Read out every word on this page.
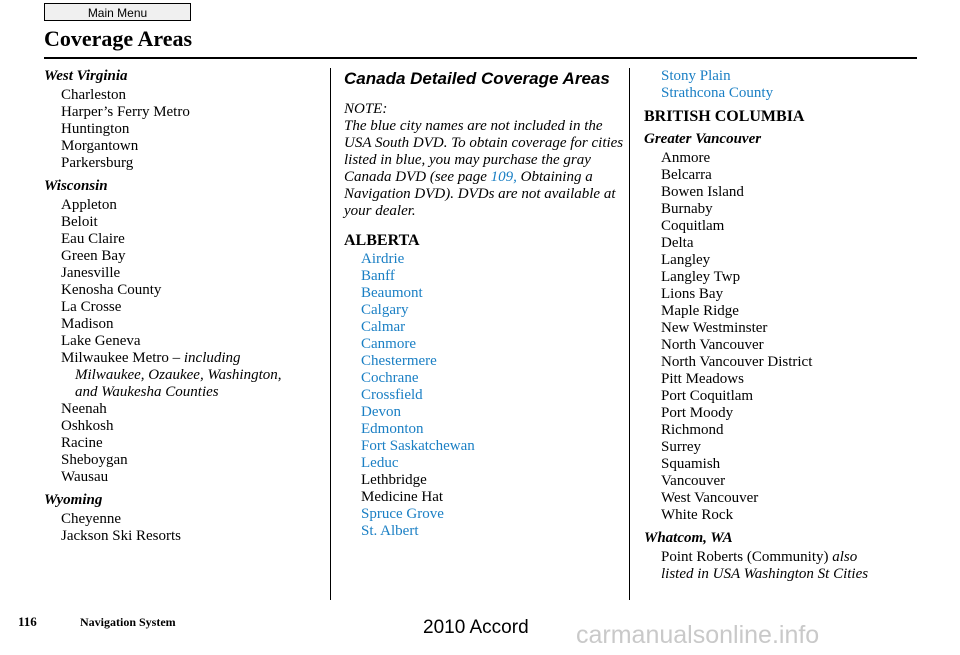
Main Menu
Coverage Areas
West Virginia
Charleston
Harper’s Ferry Metro
Huntington
Morgantown
Parkersburg
Wisconsin
Appleton
Beloit
Eau Claire
Green Bay
Janesville
Kenosha County
La Crosse
Madison
Lake Geneva
Milwaukee Metro – including
Milwaukee, Ozaukee, Washington,
and Waukesha Counties
Neenah
Oshkosh
Racine
Sheboygan
Wausau
Wyoming
Cheyenne
Jackson Ski Resorts
Canada Detailed Coverage Areas
NOTE:
The blue city names are not included in the USA South DVD. To obtain coverage for cities listed in blue, you may purchase the gray Canada DVD (see page 109, Obtaining a Navigation DVD). DVDs are not available at your dealer.
ALBERTA
Airdrie
Banff
Beaumont
Calgary
Calmar
Canmore
Chestermere
Cochrane
Crossfield
Devon
Edmonton
Fort Saskatchewan
Leduc
Lethbridge
Medicine Hat
Spruce Grove
St. Albert
Stony Plain
Strathcona County
BRITISH COLUMBIA
Greater Vancouver
Anmore
Belcarra
Bowen Island
Burnaby
Coquitlam
Delta
Langley
Langley Twp
Lions Bay
Maple Ridge
New Westminster
North Vancouver
North Vancouver District
Pitt Meadows
Port Coquitlam
Port Moody
Richmond
Surrey
Squamish
Vancouver
West Vancouver
White Rock
Whatcom, WA
Point Roberts (Community) also
listed in USA Washington St Cities
116	Navigation System	2010 Accord carmanualsonline.info
